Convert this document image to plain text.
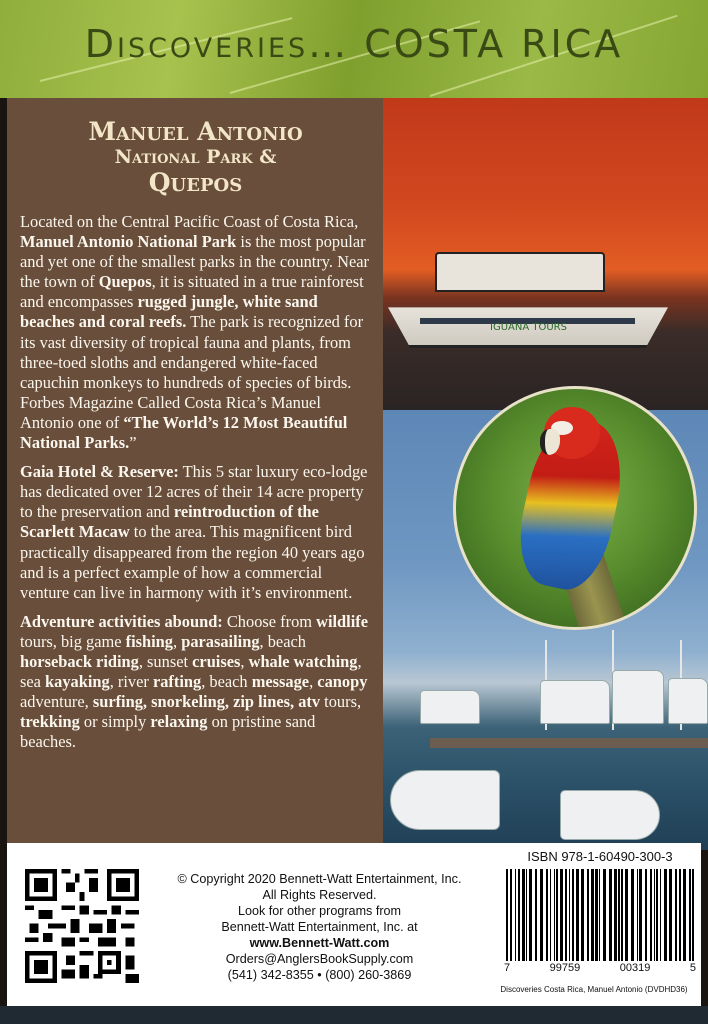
Discoveries… COSTA RICA
IGUANA TOURS
Manuel Antonio
National Park &
Quepos

Located on the Central Pacific Coast of Costa Rica, Manuel Antonio National Park is the most popular and yet one of the smallest parks in the country. Near the town of Quepos, it is situated in a true rainforest and encompasses rugged jungle, white sand beaches and coral reefs. The park is recognized for its vast diversity of tropical fauna and plants, from three-toed sloths and endangered white-faced capuchin monkeys to hundreds of species of birds. Forbes Magazine Called Costa Rica’s Manuel Antonio one of “The World’s 12 Most Beautiful National Parks.”

Gaia Hotel & Reserve: This 5 star luxury eco-lodge has dedicated over 12 acres of their 14 acre property to the preservation and reintroduction of the Scarlett Macaw to the area. This magnificent bird practically disappeared from the region 40 years ago and is a perfect example of how a commercial venture can live in harmony with it’s environment.

Adventure activities abound: Choose from wildlife tours, big game fishing, parasailing, beach horseback riding, sunset cruises, whale watching, sea kayaking, river rafting, beach message, canopy adventure, surfing, snorkeling, zip lines, atv tours, trekking or simply relaxing on pristine sand beaches.

© Copyright 2020 Bennett-Watt Entertainment, Inc.
All Rights Reserved.
Look for other programs from
Bennett-Watt Entertainment, Inc. at
www.Bennett-Watt.com
Orders@AnglersBookSupply.com
(541) 342-8355 • (800) 260-3869
ISBN 978-1-60490-300-3
7	99759	00319	5
Discoveries Costa Rica, Manuel Antonio (DVDHD36)
